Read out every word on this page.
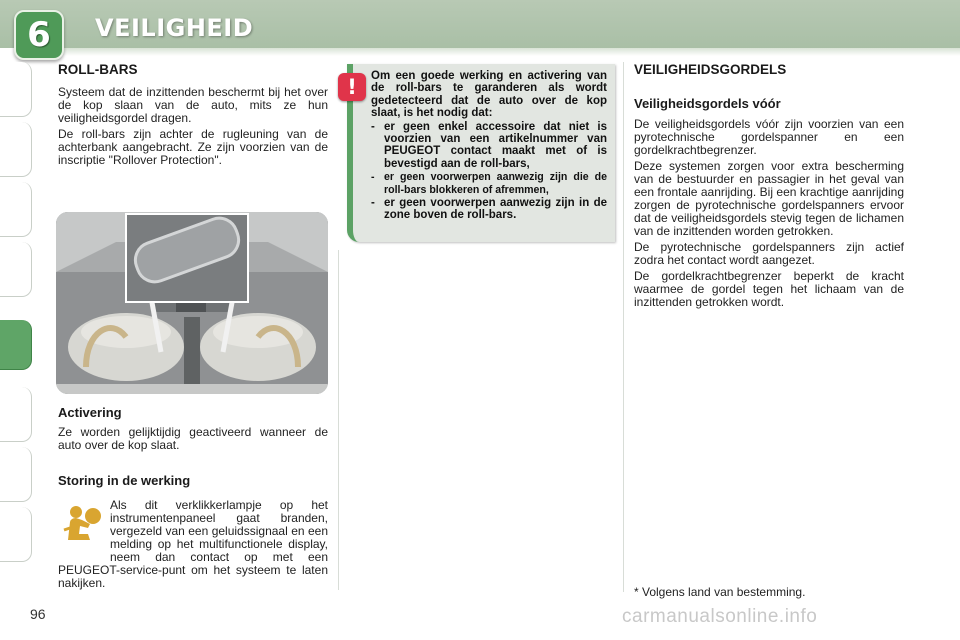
6 VEILIGHEID
ROLL-BARS

Systeem dat de inzittenden beschermt bij het over de kop slaan van de auto, mits ze hun veiligheidsgordel dragen.

De roll-bars zijn achter de rugleuning van de achterbank aangebracht. Ze zijn voorzien van de inscriptie "Rollover Protection".

Activering
Ze worden gelijktijdig geactiveerd wanneer de auto over de kop slaat.
Storing in de werking
Als dit verklikkerlampje op het instrumentenpaneel gaat branden, vergezeld van een geluidssignaal en een melding op het multifunctionele display, neem dan contact op met een PEUGEOT-service-punt om het systeem te laten nakijken.
Om een goede werking en activering van de roll-bars te garanderen als wordt gedetecteerd dat de auto over de kop slaat, is het nodig dat:
- er geen enkel accessoire dat niet is voorzien van een artikelnummer van PEUGEOT contact maakt met of is bevestigd aan de roll-bars,
- er geen voorwerpen aanwezig zijn die de roll-bars blokkeren of afremmen,
- er geen voorwerpen aanwezig zijn in de zone boven de roll-bars.
!
VEILIGHEIDSGORDELS
Veiligheidsgordels vóór

De veiligheidsgordels vóór zijn voorzien van een pyrotechnische gordelspanner en een gordelkrachtbegrenzer.

Deze systemen zorgen voor extra bescherming van de bestuurder en passagier in het geval van een frontale aanrijding. Bij een krachtige aanrijding zorgen de pyrotechnische gordelspanners ervoor dat de veiligheidsgordels stevig tegen de lichamen van de inzittenden worden getrokken.

De pyrotechnische gordelspanners zijn actief zodra het contact wordt aangezet.

De gordelkrachtbegrenzer beperkt de kracht waarmee de gordel tegen het lichaam van de inzittenden getrokken wordt.

* Volgens land van bestemming.
96	carmanualsonline.info
